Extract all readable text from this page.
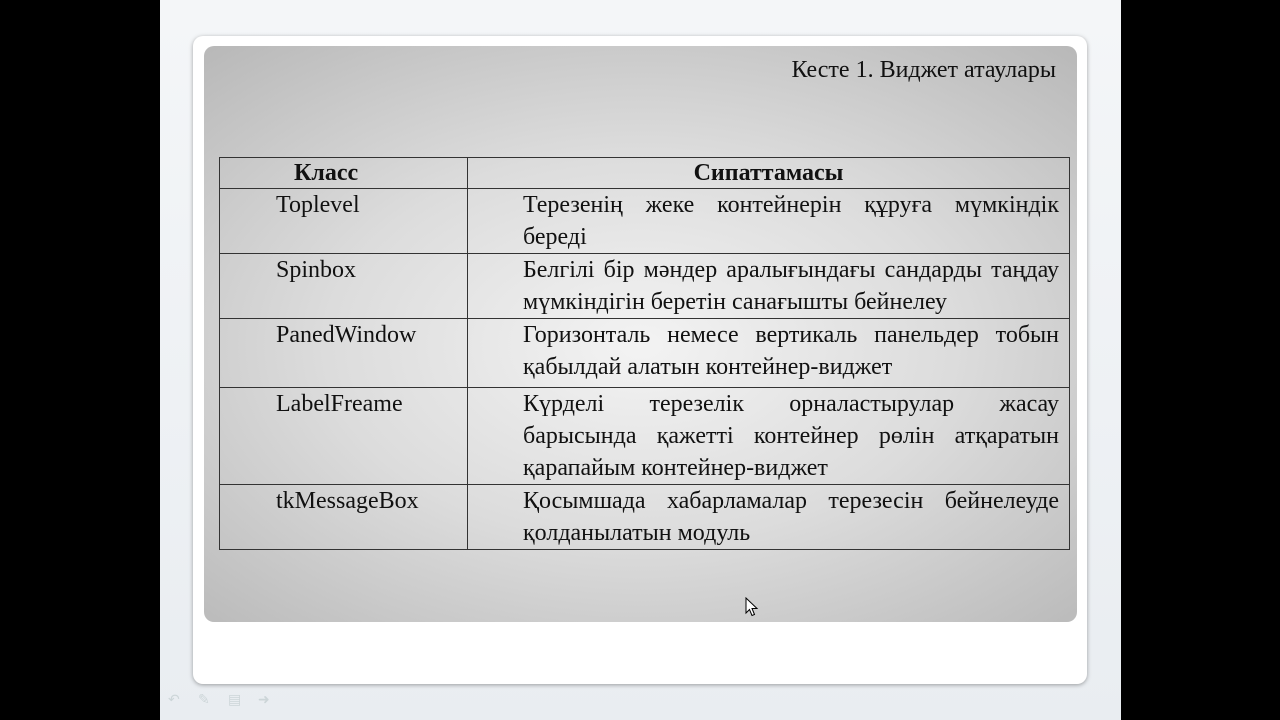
Кесте 1. Виджет атаулары
Класс	Сипаттамасы
Toplevel	Терезенің жеке контейнерін құруға мүмкіндік береді
Spinbox	Белгілі бір мәндер аралығындағы сандарды таңдау мүмкіндігін беретін санағышты бейнелеу
PanedWindow	Горизонталь немесе вертикаль панельдер тобын қабылдай алатын контейнер-виджет
LabelFreame	Күрделі терезелік орналастырулар жасау барысында қажетті контейнер рөлін атқаратын қарапайым контейнер-виджет
tkMessageBox	Қосымшада хабарламалар терезесін бейнелеуде қолданылатын модуль
↶	✎	▤	➜
